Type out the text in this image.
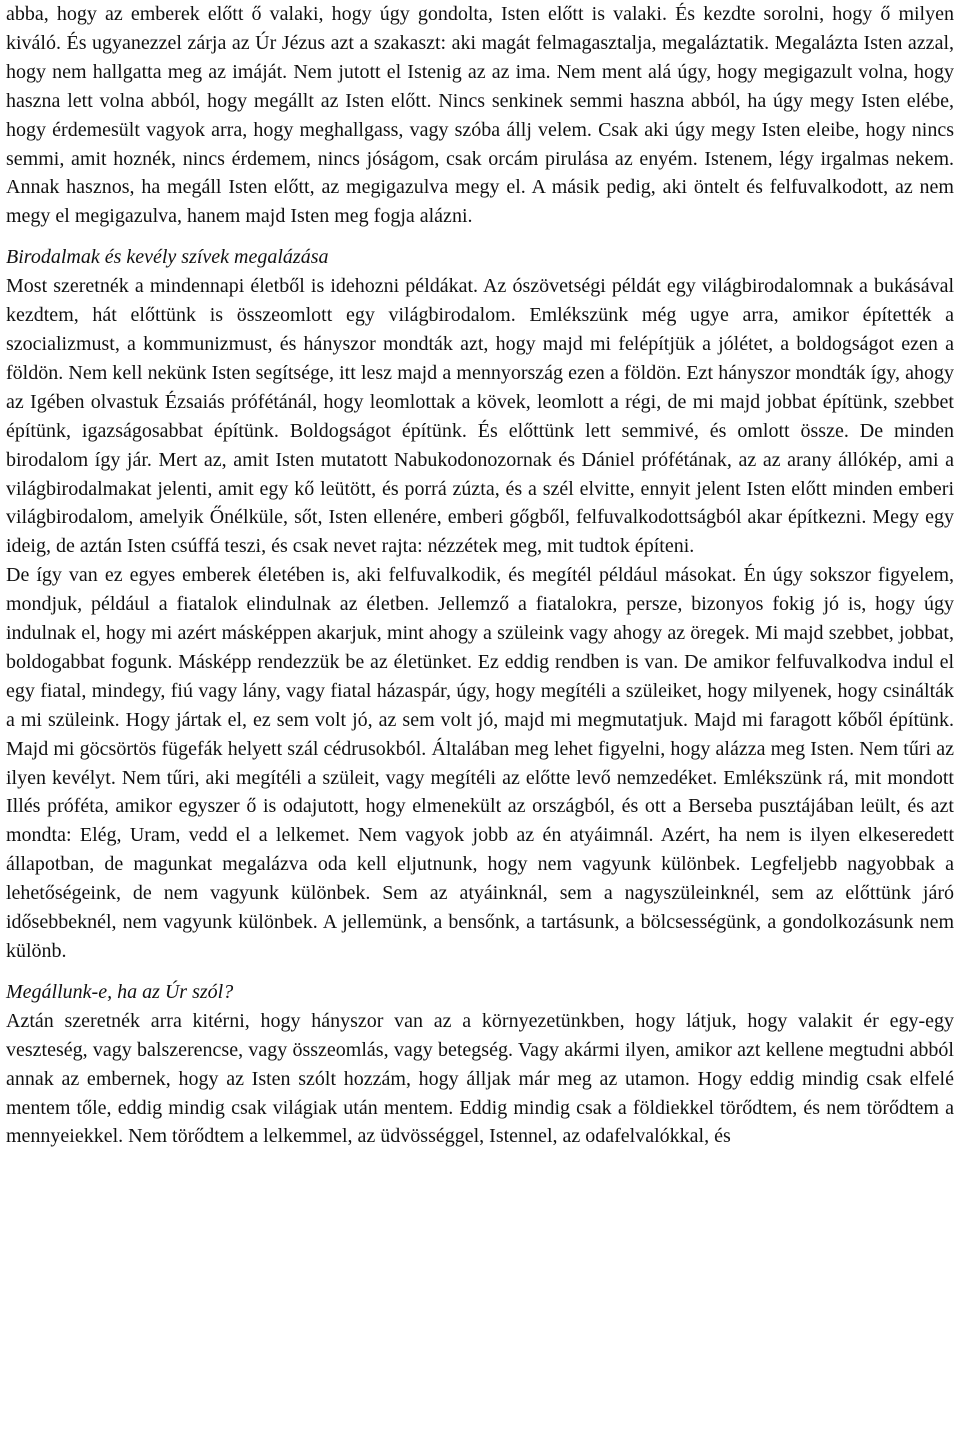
abba, hogy az emberek előtt ő valaki, hogy úgy gondolta, Isten előtt is valaki. És kezdte sorolni, hogy ő milyen kiváló. És ugyanezzel zárja az Úr Jézus azt a szakaszt: aki magát felmagasztalja, megaláztatik. Megalázta Isten azzal, hogy nem hallgatta meg az imáját. Nem jutott el Istenig az az ima. Nem ment alá úgy, hogy megigazult volna, hogy haszna lett volna abból, hogy megállt az Isten előtt. Nincs senkinek semmi haszna abból, ha úgy megy Isten elébe, hogy érdemesült vagyok arra, hogy meghallgass, vagy szóba állj velem. Csak aki úgy megy Isten eleibe, hogy nincs semmi, amit hoznék, nincs érdemem, nincs jóságom, csak orcám pirulása az enyém. Istenem, légy irgalmas nekem. Annak hasznos, ha megáll Isten előtt, az megigazulva megy el. A másik pedig, aki öntelt és felfuvalkodott, az nem megy el megigazulva, hanem majd Isten meg fogja alázni.

Birodalmak és kevély szívek megalázása

Most szeretnék a mindennapi életből is idehozni példákat. Az ószövetségi példát egy világbirodalomnak a bukásával kezdtem, hát előttünk is összeomlott egy világbirodalom. Emlékszünk még ugye arra, amikor építették a szocializmust, a kommunizmust, és hányszor mondták azt, hogy majd mi felépítjük a jólétet, a boldogságot ezen a földön. Nem kell nekünk Isten segítsége, itt lesz majd a mennyország ezen a földön. Ezt hányszor mondták így, ahogy az Igében olvastuk Ézsaiás prófétánál, hogy leomlottak a kövek, leomlott a régi, de mi majd jobbat építünk, szebbet építünk, igazságosabbat építünk. Boldogságot építünk. És előttünk lett semmivé, és omlott össze. De minden birodalom így jár. Mert az, amit Isten mutatott Nabukodonozornak és Dániel prófétának, az az arany állókép, ami a világbirodalmakat jelenti, amit egy kő leütött, és porrá zúzta, és a szél elvitte, ennyit jelent Isten előtt minden emberi világbirodalom, amelyik Őnélküle, sőt, Isten ellenére, emberi gőgből, felfuvalkodottságból akar építkezni. Megy egy ideig, de aztán Isten csúffá teszi, és csak nevet rajta: nézzétek meg, mit tudtok építeni.

De így van ez egyes emberek életében is, aki felfuvalkodik, és megítél például másokat. Én úgy sokszor figyelem, mondjuk, például a fiatalok elindulnak az életben. Jellemző a fiatalokra, persze, bizonyos fokig jó is, hogy úgy indulnak el, hogy mi azért másképpen akarjuk, mint ahogy a szüleink vagy ahogy az öregek. Mi majd szebbet, jobbat, boldogabbat fogunk. Másképp rendezzük be az életünket. Ez eddig rendben is van. De amikor felfuvalkodva indul el egy fiatal, mindegy, fiú vagy lány, vagy fiatal házaspár, úgy, hogy megítéli a szüleiket, hogy milyenek, hogy csinálták a mi szüleink. Hogy jártak el, ez sem volt jó, az sem volt jó, majd mi megmutatjuk. Majd mi faragott kőből építünk. Majd mi göcsörtös fügefák helyett szál cédrusokból. Általában meg lehet figyelni, hogy alázza meg Isten. Nem tűri az ilyen kevélyt. Nem tűri, aki megítéli a szüleit, vagy megítéli az előtte levő nemzedéket. Emlékszünk rá, mit mondott Illés próféta, amikor egyszer ő is odajutott, hogy elmenekült az országból, és ott a Berseba pusztájában leült, és azt mondta: Elég, Uram, vedd el a lelkemet. Nem vagyok jobb az én atyáimnál. Azért, ha nem is ilyen elkeseredett állapotban, de magunkat megalázva oda kell eljutnunk, hogy nem vagyunk különbek. Legfeljebb nagyobbak a lehetőségeink, de nem vagyunk különbek. Sem az atyáinknál, sem a nagyszüleinknél, sem az előttünk járó idősebbeknél, nem vagyunk különbek. A jellemünk, a bensőnk, a tartásunk, a bölcsességünk, a gondolkozásunk nem különb.

Megállunk-e, ha az Úr szól?

Aztán szeretnék arra kitérni, hogy hányszor van az a környezetünkben, hogy látjuk, hogy valakit ér egy-egy veszteség, vagy balszerencse, vagy összeomlás, vagy betegség. Vagy akármi ilyen, amikor azt kellene megtudni abból annak az embernek, hogy az Isten szólt hozzám, hogy álljak már meg az utamon. Hogy eddig mindig csak elfelé mentem tőle, eddig mindig csak világiak után mentem. Eddig mindig csak a földiekkel törődtem, és nem törődtem a mennyeiekkel. Nem törődtem a lelkemmel, az üdvösséggel, Istennel, az odafelvalókkal, és
